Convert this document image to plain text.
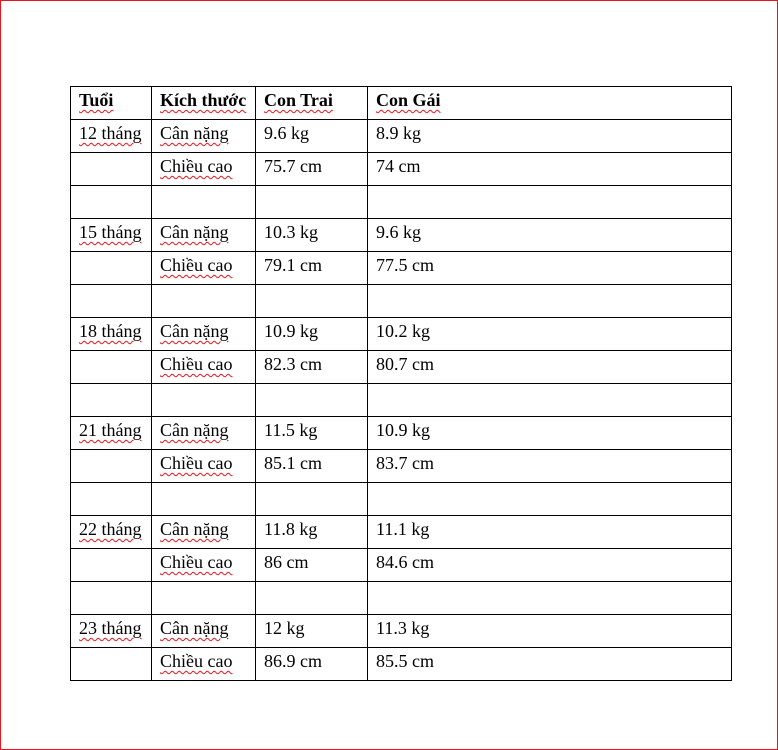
Tuổi	Kích thước	Con Trai	Con Gái
12 tháng	Cân nặng	9.6 kg	8.9 kg
	Chiều cao	75.7 cm	74 cm

15 tháng	Cân nặng	10.3 kg	9.6 kg
	Chiều cao	79.1 cm	77.5 cm

18 tháng	Cân nặng	10.9 kg	10.2 kg
	Chiều cao	82.3 cm	80.7 cm

21 tháng	Cân nặng	11.5 kg	10.9 kg
	Chiều cao	85.1 cm	83.7 cm

22 tháng	Cân nặng	11.8 kg	11.1 kg
	Chiều cao	86 cm	84.6 cm

23 tháng	Cân nặng	12 kg	11.3 kg
	Chiều cao	86.9 cm	85.5 cm
